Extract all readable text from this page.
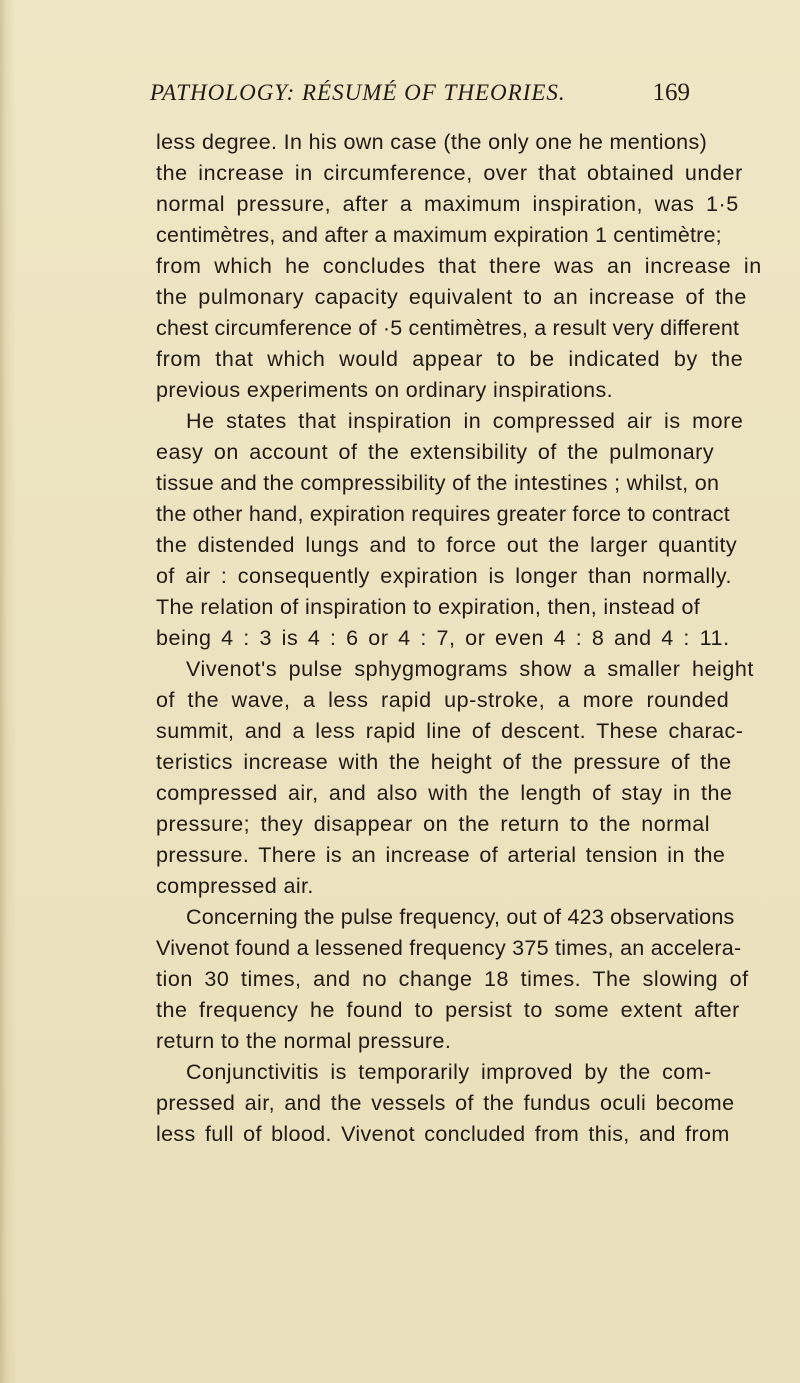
PATHOLOGY: RÉSUMÉ OF THEORIES.	169
less degree. In his own case (the only one he mentions)
the increase in circumference, over that obtained under
normal pressure, after a maximum inspiration, was 1·5
centimètres, and after a maximum expiration 1 centimètre;
from which he concludes that there was an increase in
the pulmonary capacity equivalent to an increase of the
chest circumference of ·5 centimètres, a result very different
from that which would appear to be indicated by the
previous experiments on ordinary inspirations.
He states that inspiration in compressed air is more
easy on account of the extensibility of the pulmonary
tissue and the compressibility of the intestines ; whilst, on
the other hand, expiration requires greater force to contract
the distended lungs and to force out the larger quantity
of air : consequently expiration is longer than normally.
The relation of inspiration to expiration, then, instead of
being 4 : 3 is 4 : 6 or 4 : 7, or even 4 : 8 and 4 : 11.
Vivenot's pulse sphygmograms show a smaller height
of the wave, a less rapid up-stroke, a more rounded
summit, and a less rapid line of descent. These charac-
teristics increase with the height of the pressure of the
compressed air, and also with the length of stay in the
pressure; they disappear on the return to the normal
pressure. There is an increase of arterial tension in the
compressed air.
Concerning the pulse frequency, out of 423 observations
Vivenot found a lessened frequency 375 times, an accelera-
tion 30 times, and no change 18 times. The slowing of
the frequency he found to persist to some extent after
return to the normal pressure.
Conjunctivitis is temporarily improved by the com-
pressed air, and the vessels of the fundus oculi become
less full of blood. Vivenot concluded from this, and from
